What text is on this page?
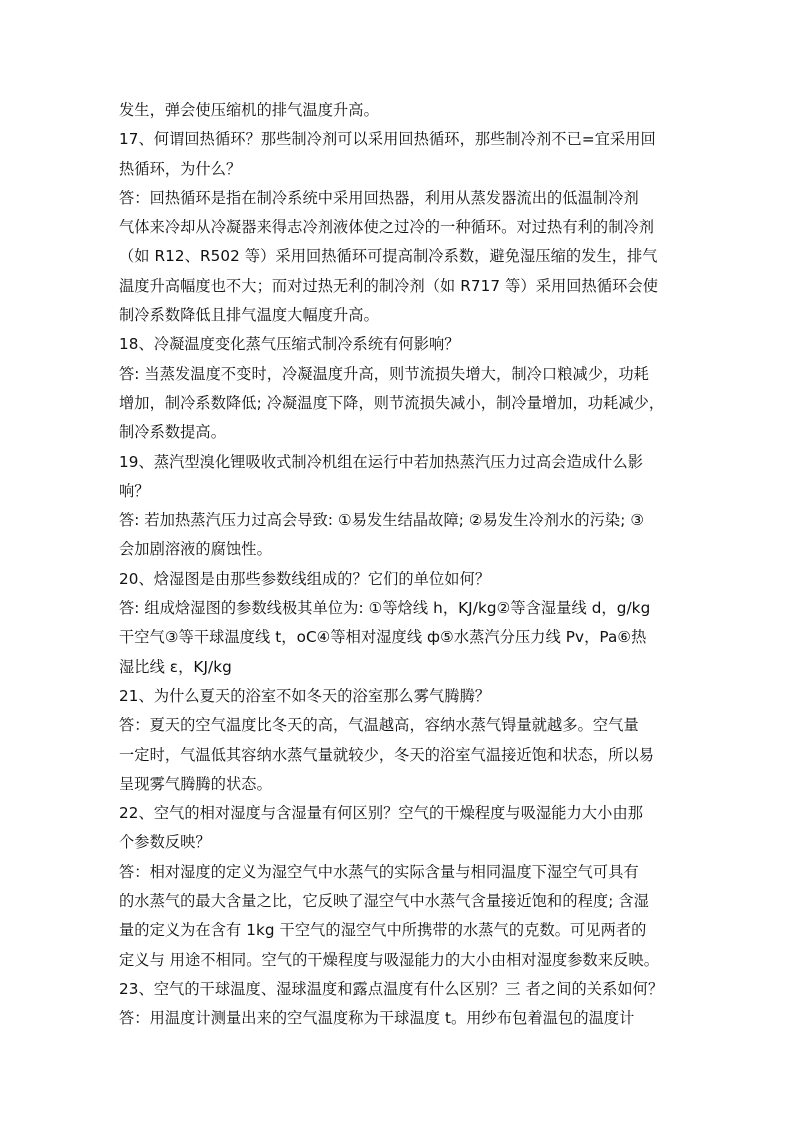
发生，弹会使压缩机的排气温度升高。
17、何谓回热循环？那些制冷剂可以采用回热循环，那些制冷剂不已=宜采用回
热循环，为什么？
答：回热循环是指在制冷系统中采用回热器，利用从蒸发器流出的低温制冷剂
气体来冷却从冷凝器来得志冷剂液体使之过冷的一种循环。对过热有利的制冷剂
（如 R12、R502 等）采用回热循环可提高制冷系数，避免湿压缩的发生，排气
温度升高幅度也不大；而对过热无利的制冷剂（如 R717 等）采用回热循环会使
制冷系数降低且排气温度大幅度升高。
18、冷凝温度变化蒸气压缩式制冷系统有何影响？
答: 当蒸发温度不变时，冷凝温度升高，则节流损失增大，制冷口粮减少，功耗
增加，制冷系数降低; 冷凝温度下降，则节流损失减小，制冷量增加，功耗减少，
制冷系数提高。
19、蒸汽型溴化锂吸收式制冷机组在运行中若加热蒸汽压力过高会造成什么影
响？
答: 若加热蒸汽压力过高会导致: ①易发生结晶故障; ②易发生冷剂水的污染; ③
会加剧溶液的腐蚀性。
20、焓湿图是由那些参数线组成的？它们的单位如何？
答: 组成焓湿图的参数线极其单位为: ①等焓线 h，KJ/kg②等含湿量线 d，g/kg
干空气③等干球温度线 t，oC④等相对湿度线 ф⑤水蒸汽分压力线 Pv，Pa⑥热
湿比线 ε，KJ/kg
21、为什么夏天的浴室不如冬天的浴室那么雾气腾腾？
答：夏天的空气温度比冬天的高，气温越高，容纳水蒸气锝量就越多。空气量
一定时，气温低其容纳水蒸气量就较少，冬天的浴室气温接近饱和状态，所以易
呈现雾气腾腾的状态。
22、空气的相对湿度与含湿量有何区别？空气的干燥程度与吸湿能力大小由那
个参数反映？
答：相对湿度的定义为湿空气中水蒸气的实际含量与相同温度下湿空气可具有
的水蒸气的最大含量之比，它反映了湿空气中水蒸气含量接近饱和的程度; 含湿
量的定义为在含有 1kg 干空气的湿空气中所携带的水蒸气的克数。可见两者的
定义与 用途不相同。空气的干燥程度与吸湿能力的大小由相对湿度参数来反映。
23、空气的干球温度、湿球温度和露点温度有什么区别？三 者之间的关系如何？
答：用温度计测量出来的空气温度称为干球温度 t。用纱布包着温包的温度计
